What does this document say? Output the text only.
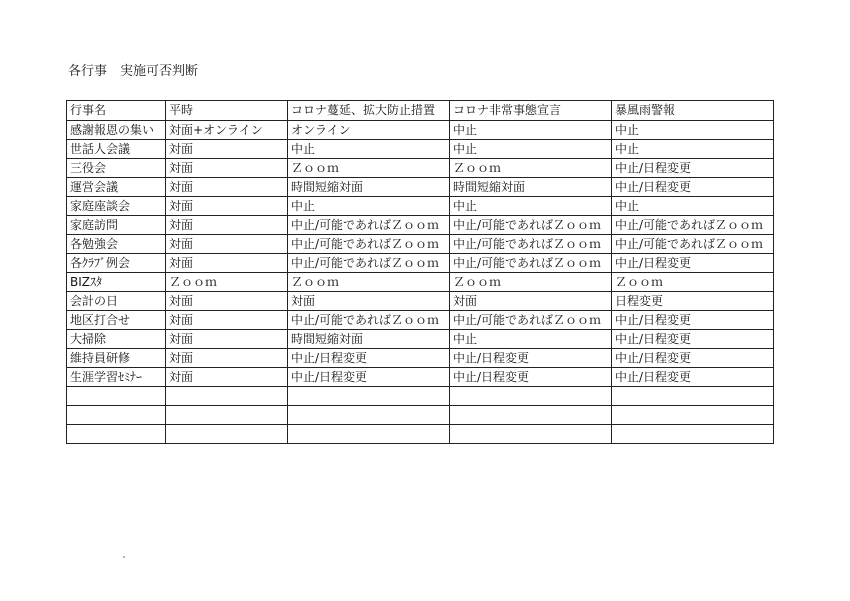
各行事　実施可否判断
行事名	平時	コロナ蔓延、拡大防止措置	コロナ非常事態宣言	暴風雨警報
感謝報恩の集い	対面+オンライン	オンライン	中止	中止
世話人会議	対面	中止	中止	中止
三役会	対面	Ｚｏｏｍ	Ｚｏｏｍ	中止/日程変更
運営会議	対面	時間短縮対面	時間短縮対面	中止/日程変更
家庭座談会	対面	中止	中止	中止
家庭訪問	対面	中止/可能であればＺｏｏｍ	中止/可能であればＺｏｏｍ	中止/可能であればＺｏｏｍ
各勉強会	対面	中止/可能であればＺｏｏｍ	中止/可能であればＺｏｏｍ	中止/可能であればＺｏｏｍ
各ｸﾗﾌﾞ例会	対面	中止/可能であればＺｏｏｍ	中止/可能であればＺｏｏｍ	中止/日程変更
BIZｽﾀ	Ｚｏｏｍ	Ｚｏｏｍ	Ｚｏｏｍ	Ｚｏｏｍ
会計の日	対面	対面	対面	日程変更
地区打合せ	対面	中止/可能であればＺｏｏｍ	中止/可能であればＺｏｏｍ	中止/日程変更
大掃除	対面	時間短縮対面	中止	中止/日程変更
維持員研修	対面	中止/日程変更	中止/日程変更	中止/日程変更
生涯学習ｾﾐﾅｰ	対面	中止/日程変更	中止/日程変更	中止/日程変更
